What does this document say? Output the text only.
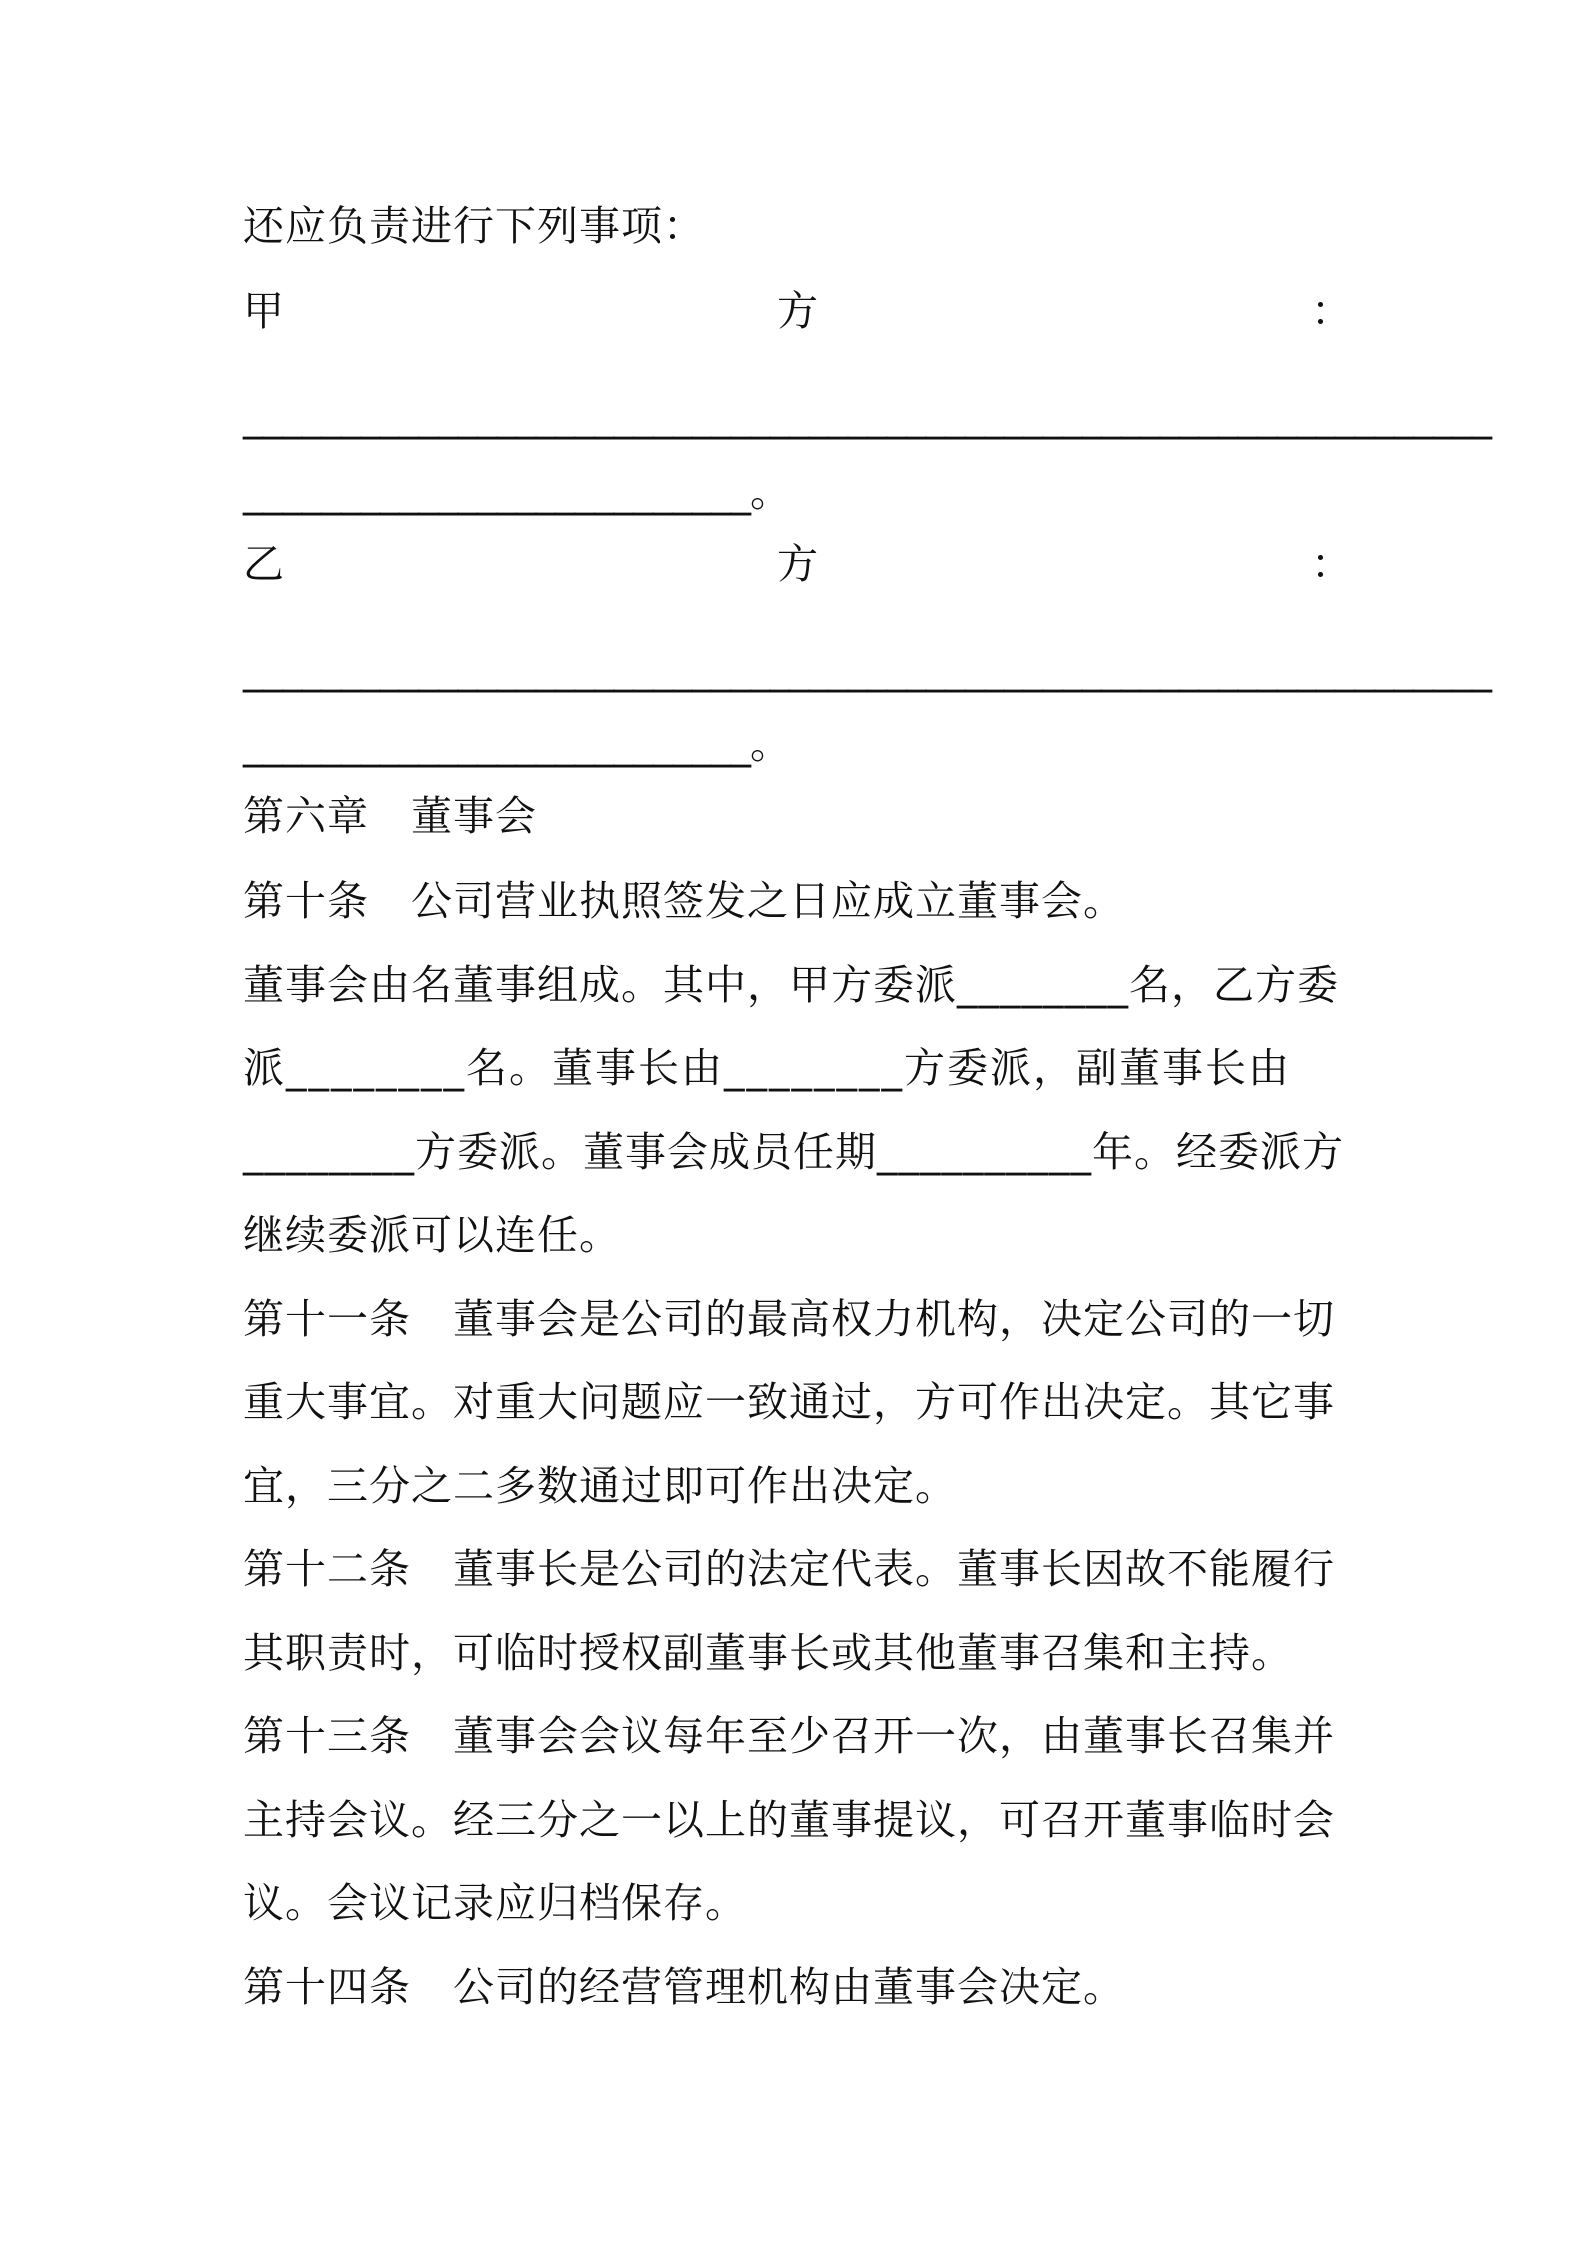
还应负责进行下列事项：
甲	方	：
________________________________________________________________
__________________________。
乙	方	：
________________________________________________________________
__________________________。
第六章　董事会
第十条　公司营业执照签发之日应成立董事会。
董事会由名董事组成。其中，甲方委派________名，乙方委
派________名。董事长由________方委派，副董事长由
________方委派。董事会成员任期__________年。经委派方
继续委派可以连任。
第十一条　董事会是公司的最高权力机构，决定公司的一切
重大事宜。对重大问题应一致通过，方可作出决定。其它事
宜，三分之二多数通过即可作出决定。
第十二条　董事长是公司的法定代表。董事长因故不能履行
其职责时，可临时授权副董事长或其他董事召集和主持。
第十三条　董事会会议每年至少召开一次，由董事长召集并
主持会议。经三分之一以上的董事提议，可召开董事临时会
议。会议记录应归档保存。
第十四条　公司的经营管理机构由董事会决定。
